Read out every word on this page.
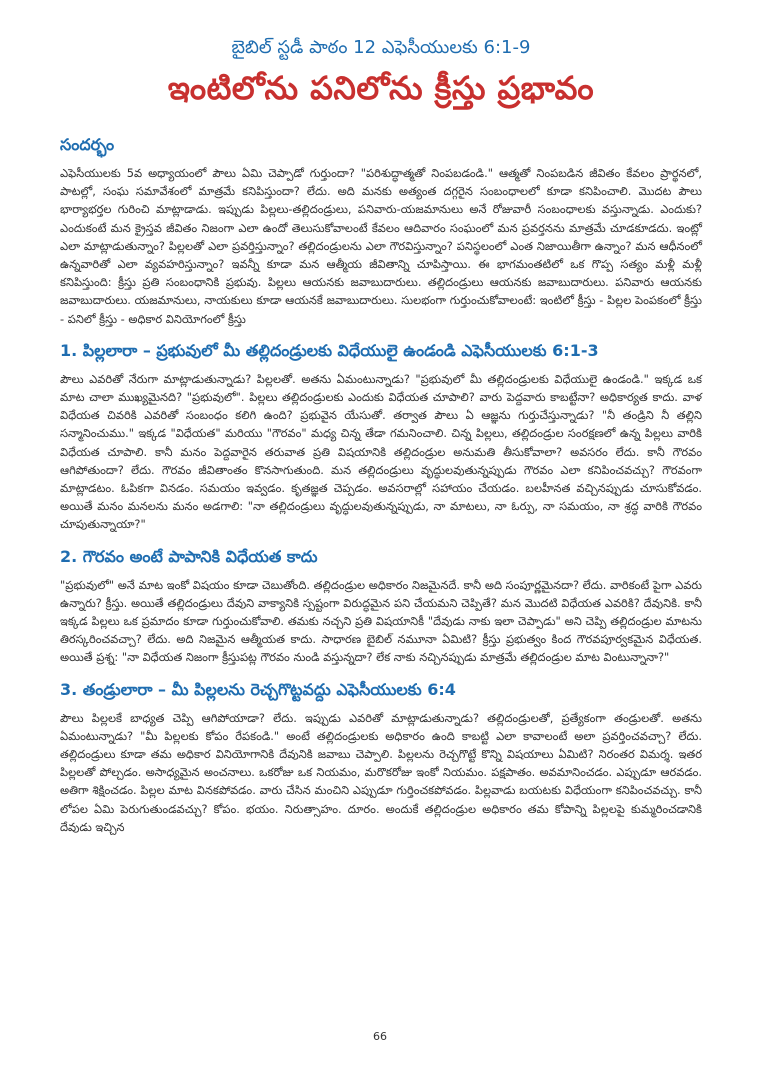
బైబిల్ స్టడీ పాఠం 12 ఎఫెసీయులకు 6:1-9
ఇంటిలోను పనిలోను క్రీస్తు ప్రభావం
సందర్భం

ఎఫెసీయులకు 5వ అధ్యాయంలో పౌలు ఏమి చెప్పాడో గుర్తుందా? "పరిశుద్ధాత్మతో నింపబడండి." ఆత్మతో నింపబడిన జీవితం కేవలం ప్రార్థనలో, పాటల్లో, సంఘ సమావేశంలో మాత్రమే కనిపిస్తుందా? లేదు. అది మనకు అత్యంత దగ్గరైన సంబంధాలలో కూడా కనిపించాలి. మొదట పౌలు భార్యాభర్తల గురించి మాట్లాడాడు. ఇప్పుడు పిల్లలు-తల్లిదండ్రులు, పనివారు-యజమానులు అనే రోజువారీ సంబంధాలకు వస్తున్నాడు. ఎందుకు? ఎందుకంటే మన క్రైస్తవ జీవితం నిజంగా ఎలా ఉందో తెలుసుకోవాలంటే కేవలం ఆదివారం సంఘంలో మన ప్రవర్తనను మాత్రమే చూడకూడదు. ఇంట్లో ఎలా మాట్లాడుతున్నాం? పిల్లలతో ఎలా ప్రవర్తిస్తున్నాం? తల్లిదండ్రులను ఎలా గౌరవిస్తున్నాం? పనిస్థలంలో ఎంత నిజాయితీగా ఉన్నాం? మన ఆధీనంలో ఉన్నవారితో ఎలా వ్యవహరిస్తున్నాం? ఇవన్నీ కూడా మన ఆత్మీయ జీవితాన్ని చూపిస్తాయి. ఈ భాగమంతటిలో ఒక గొప్ప సత్యం మళ్లీ మళ్లీ కనిపిస్తుంది: క్రీస్తు ప్రతి సంబంధానికి ప్రభువు. పిల్లలు ఆయనకు జవాబుదారులు. తల్లిదండ్రులు ఆయనకు జవాబుదారులు. పనివారు ఆయనకు జవాబుదారులు. యజమానులు, నాయకులు కూడా ఆయనకే జవాబుదారులు. సులభంగా గుర్తుంచుకోవాలంటే: ఇంటిలో క్రీస్తు - పిల్లల పెంపకంలో క్రీస్తు - పనిలో క్రీస్తు - అధికార వినియోగంలో క్రీస్తు

1. పిల్లలారా – ప్రభువులో మీ తల్లిదండ్రులకు విధేయులై ఉండండి ఎఫెసీయులకు 6:1-3

పౌలు ఎవరితో నేరుగా మాట్లాడుతున్నాడు? పిల్లలతో. అతను ఏమంటున్నాడు? "ప్రభువులో మీ తల్లిదండ్రులకు విధేయులై ఉండండి." ఇక్కడ ఒక మాట చాలా ముఖ్యమైనది? "ప్రభువులో". పిల్లలు తల్లిదండ్రులకు ఎందుకు విధేయత చూపాలి? వారు పెద్దవారు కాబట్టేనా? అధికార్యత కాదు. వాళ విధేయత చివరికి ఎవరితో సంబంధం కలిగి ఉంది? ప్రభువైన యేసుతో. తర్వాత పౌలు ఏ ఆజ్ఞను గుర్తుచేస్తున్నాడు? "నీ తండ్రిని నీ తల్లిని సన్మానించుము." ఇక్కడ "విధేయత" మరియు "గౌరవం" మధ్య చిన్న తేడా గమనించాలి. చిన్న పిల్లలు, తల్లిదండ్రుల సంరక్షణలో ఉన్న పిల్లలు వారికి విధేయత చూపాలి. కానీ మనం పెద్దవారైన తరువాత ప్రతి విషయానికి తల్లిదండ్రుల అనుమతి తీసుకోవాలా? అవసరం లేదు. కానీ గౌరవం ఆగిపోతుందా? లేదు. గౌరవం జీవితాంతం కొనసాగుతుంది. మన తల్లిదండ్రులు వృద్ధులవుతున్నప్పుడు గౌరవం ఎలా కనిపించవచ్చు? గౌరవంగా మాట్లాడటం. ఓపికగా వినడం. సమయం ఇవ్వడం. కృతజ్ఞత చెప్పడం. అవసరాల్లో సహాయం చేయడం. బలహీనత వచ్చినప్పుడు చూసుకోవడం. అయితే మనం మనలను మనం అడగాలి: "నా తల్లిదండ్రులు వృద్ధులవుతున్నప్పుడు, నా మాటలు, నా ఓర్పు, నా సమయం, నా శ్రద్ధ వారికి గౌరవం చూపుతున్నాయా?"

2. గౌరవం అంటే పాపానికి విధేయత కాదు

"ప్రభువులో" అనే మాట ఇంకో విషయం కూడా చెబుతోంది. తల్లిదండ్రుల అధికారం నిజమైనదే. కానీ అది సంపూర్ణమైనదా? లేదు. వారికంటే పైగా ఎవరు ఉన్నారు? క్రీస్తు. అయితే తల్లిదండ్రులు దేవుని వాక్యానికి స్పష్టంగా విరుద్ధమైన పని చేయమని చెప్పితే? మన మొదటి విధేయత ఎవరికి? దేవునికి. కానీ ఇక్కడ పిల్లలు ఒక ప్రమాదం కూడా గుర్తుంచుకోవాలి. తమకు నచ్చని ప్రతి విషయానికీ "దేవుడు నాకు ఇలా చెప్పాడు" అని చెప్పి తల్లిదండ్రుల మాటను తిరస్కరించవచ్చా? లేదు. అది నిజమైన ఆత్మీయత కాదు. సాధారణ బైబిల్ నమూనా ఏమిటి? క్రీస్తు ప్రభుత్వం కింద గౌరవపూర్వకమైన విధేయత. అయితే ప్రశ్న: "నా విధేయత నిజంగా క్రీస్తుపట్ల గౌరవం నుండి వస్తున్నదా? లేక నాకు నచ్చినప్పుడు మాత్రమే తల్లిదండ్రుల మాట వింటున్నానా?"

3. తండ్రులారా – మీ పిల్లలను రెచ్చగొట్టవద్దు ఎఫెసీయులకు 6:4

పౌలు పిల్లలకే బాధ్యత చెప్పి ఆగిపోయాడా? లేదు. ఇప్పుడు ఎవరితో మాట్లాడుతున్నాడు? తల్లిదండ్రులతో, ప్రత్యేకంగా తండ్రులతో. అతను ఏమంటున్నాడు? "మీ పిల్లలకు కోపం రేపకండి." అంటే తల్లిదండ్రులకు అధికారం ఉంది కాబట్టి ఎలా కావాలంటే అలా ప్రవర్తించవచ్చా? లేదు. తల్లిదండ్రులు కూడా తమ అధికార వినియోగానికి దేవునికి జవాబు చెప్పాలి. పిల్లలను రెచ్చగొట్టే కొన్ని విషయాలు ఏమిటి? నిరంతర విమర్శ. ఇతర పిల్లలతో పోల్చడం. అసాధ్యమైన అంచనాలు. ఒకరోజు ఒక నియమం, మరొకరోజు ఇంకో నియమం. పక్షపాతం. అవమానించడం. ఎప్పుడూ ఆరవడం. అతిగా శిక్షించడం. పిల్లల మాట వినకపోవడం. వారు చేసిన మంచిని ఎప్పుడూ గుర్తించకపోవడం. పిల్లవాడు బయటకు విధేయంగా కనిపించవచ్చు. కానీ లోపల ఏమి పెరుగుతుండవచ్చు? కోపం. భయం. నిరుత్సాహం. దూరం. అందుకే తల్లిదండ్రుల అధికారం తమ కోపాన్ని పిల్లలపై కుమ్మరించడానికి దేవుడు ఇచ్చిన

66
